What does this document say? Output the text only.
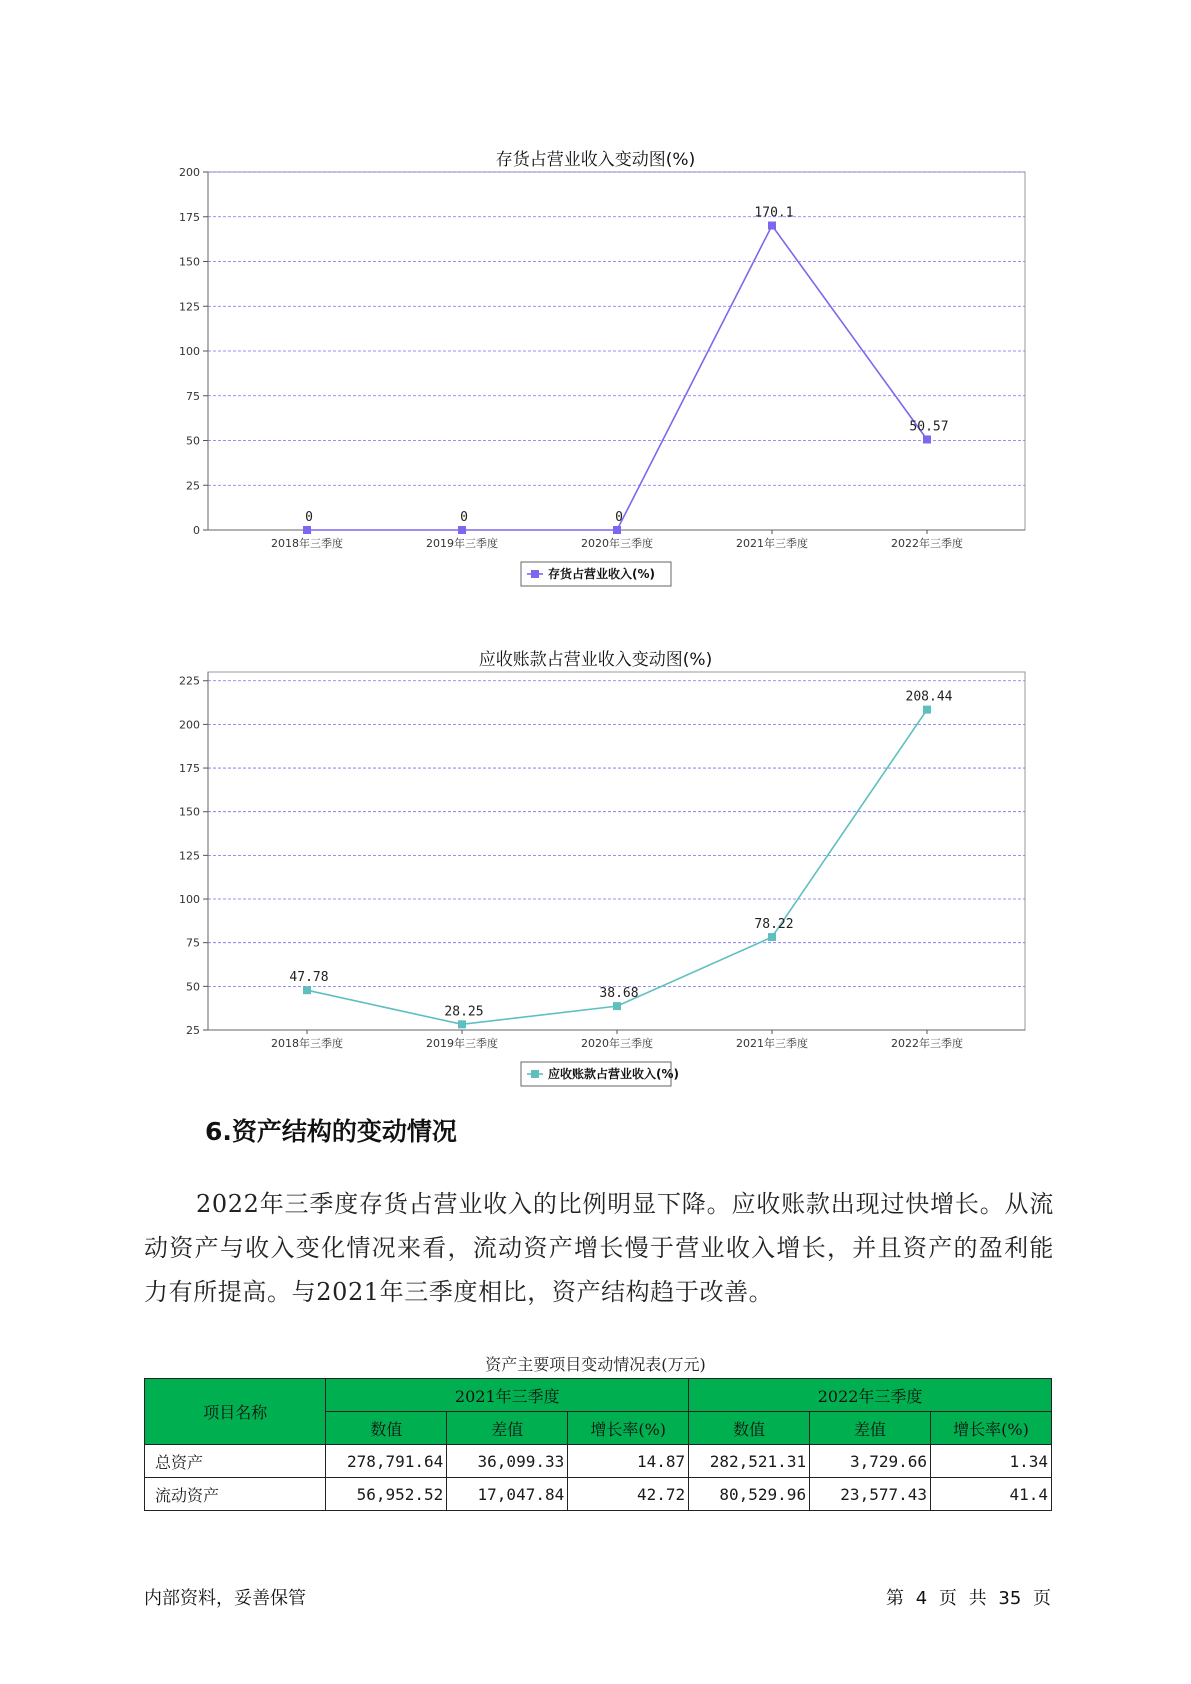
存货占营业收入变动图(%)
0
25
50
75
100
125
150
175
200
2018年三季度	2019年三季度	2020年三季度	2021年三季度	2022年三季度
0	0	0
170.1
50.57
存货占营业收入(%)
应收账款占营业收入变动图(%)
25
50
75
100
125
150
175
200
225
2018年三季度	2019年三季度	2020年三季度	2021年三季度	2022年三季度
47.78
28.25
38.68
78.22
208.44
应收账款占营业收入(%)
6.资产结构的变动情况

2022年三季度存货占营业收入的比例明显下降。应收账款出现过快增长。从流动资产与收入变化情况来看，流动资产增长慢于营业收入增长，并且资产的盈利能力有所提高。与2021年三季度相比，资产结构趋于改善。

资产主要项目变动情况表(万元)
项目名称	2021年三季度			2022年三季度		
	数值	差值	增长率(%)	数值	差值	增长率(%)
总资产	278,791.64	36,099.33	14.87	282,521.31	3,729.66	1.34
流动资产	56,952.52	17,047.84	42.72	80,529.96	23,577.43	41.4
内部资料，妥善保管	第 4 页 共 35 页
